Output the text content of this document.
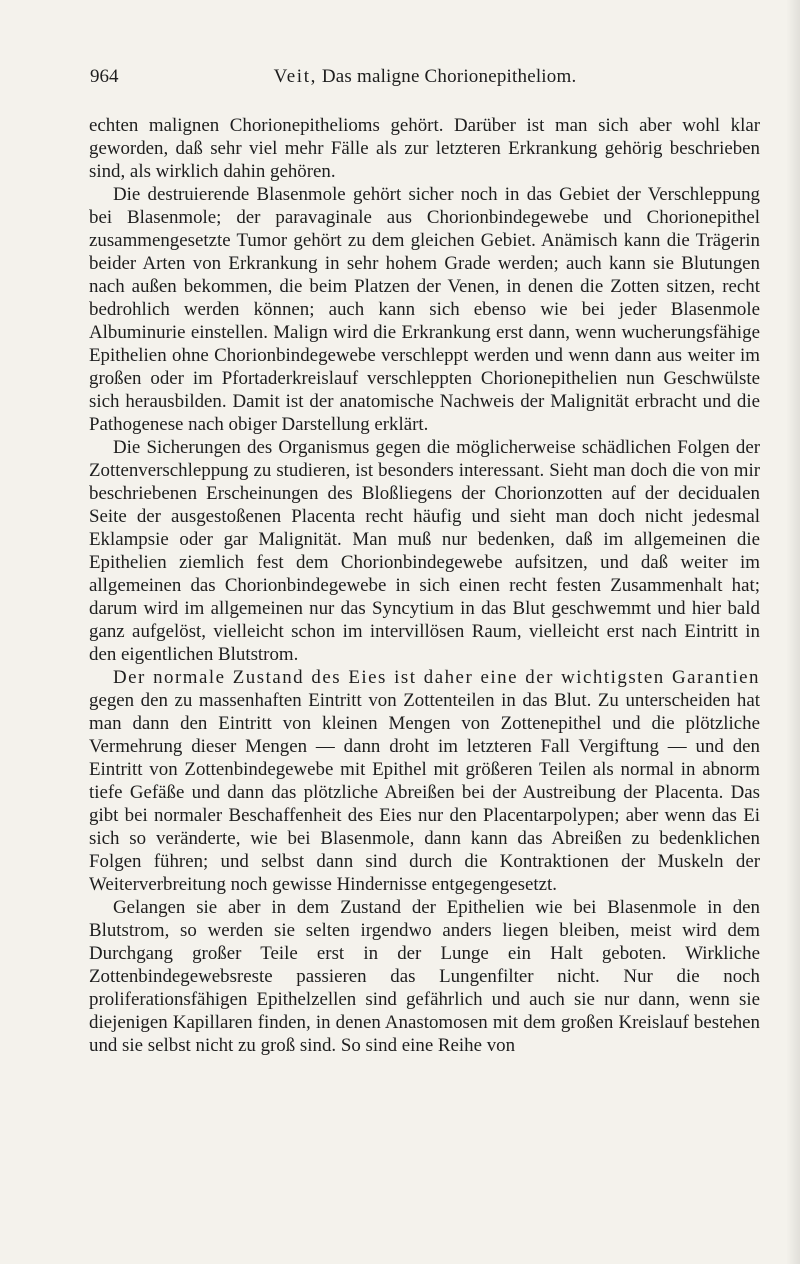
964	Veit, Das maligne Chorionepitheliom.

echten malignen Chorionepithelioms gehört. Darüber ist man sich aber wohl klar geworden, daß sehr viel mehr Fälle als zur letzteren Erkrankung gehörig beschrieben sind, als wirklich dahin gehören.

Die destruierende Blasenmole gehört sicher noch in das Gebiet der Verschleppung bei Blasenmole; der paravaginale aus Chorionbindegewebe und Chorionepithel zusammengesetzte Tumor gehört zu dem gleichen Gebiet. Anämisch kann die Trägerin beider Arten von Erkrankung in sehr hohem Grade werden; auch kann sie Blutungen nach außen bekommen, die beim Platzen der Venen, in denen die Zotten sitzen, recht bedrohlich werden können; auch kann sich ebenso wie bei jeder Blasenmole Albuminurie einstellen. Malign wird die Erkrankung erst dann, wenn wucherungsfähige Epithelien ohne Chorionbindegewebe verschleppt werden und wenn dann aus weiter im großen oder im Pfortaderkreislauf verschleppten Chorionepithelien nun Geschwülste sich herausbilden. Damit ist der anatomische Nachweis der Malignität erbracht und die Pathogenese nach obiger Darstellung erklärt.

Die Sicherungen des Organismus gegen die möglicherweise schädlichen Folgen der Zottenverschleppung zu studieren, ist besonders interessant. Sieht man doch die von mir beschriebenen Erscheinungen des Bloßliegens der Chorionzotten auf der decidualen Seite der ausgestoßenen Placenta recht häufig und sieht man doch nicht jedesmal Eklampsie oder gar Malignität. Man muß nur bedenken, daß im allgemeinen die Epithelien ziemlich fest dem Chorionbindegewebe aufsitzen, und daß weiter im allgemeinen das Chorionbindegewebe in sich einen recht festen Zusammenhalt hat; darum wird im allgemeinen nur das Syncytium in das Blut geschwemmt und hier bald ganz aufgelöst, vielleicht schon im intervillösen Raum, vielleicht erst nach Eintritt in den eigentlichen Blutstrom.

Der normale Zustand des Eies ist daher eine der wichtigsten Garantien gegen den zu massenhaften Eintritt von Zottenteilen in das Blut. Zu unterscheiden hat man dann den Eintritt von kleinen Mengen von Zottenepithel und die plötzliche Vermehrung dieser Mengen — dann droht im letzteren Fall Vergiftung — und den Eintritt von Zottenbindegewebe mit Epithel mit größeren Teilen als normal in abnorm tiefe Gefäße und dann das plötzliche Abreißen bei der Austreibung der Placenta. Das gibt bei normaler Beschaffenheit des Eies nur den Placentarpolypen; aber wenn das Ei sich so veränderte, wie bei Blasenmole, dann kann das Abreißen zu bedenklichen Folgen führen; und selbst dann sind durch die Kontraktionen der Muskeln der Weiterverbreitung noch gewisse Hindernisse entgegengesetzt.

Gelangen sie aber in dem Zustand der Epithelien wie bei Blasenmole in den Blutstrom, so werden sie selten irgendwo anders liegen bleiben, meist wird dem Durchgang großer Teile erst in der Lunge ein Halt geboten. Wirkliche Zottenbindegewebsreste passieren das Lungenfilter nicht. Nur die noch proliferationsfähigen Epithelzellen sind gefährlich und auch sie nur dann, wenn sie diejenigen Kapillaren finden, in denen Anastomosen mit dem großen Kreislauf bestehen und sie selbst nicht zu groß sind. So sind eine Reihe von
